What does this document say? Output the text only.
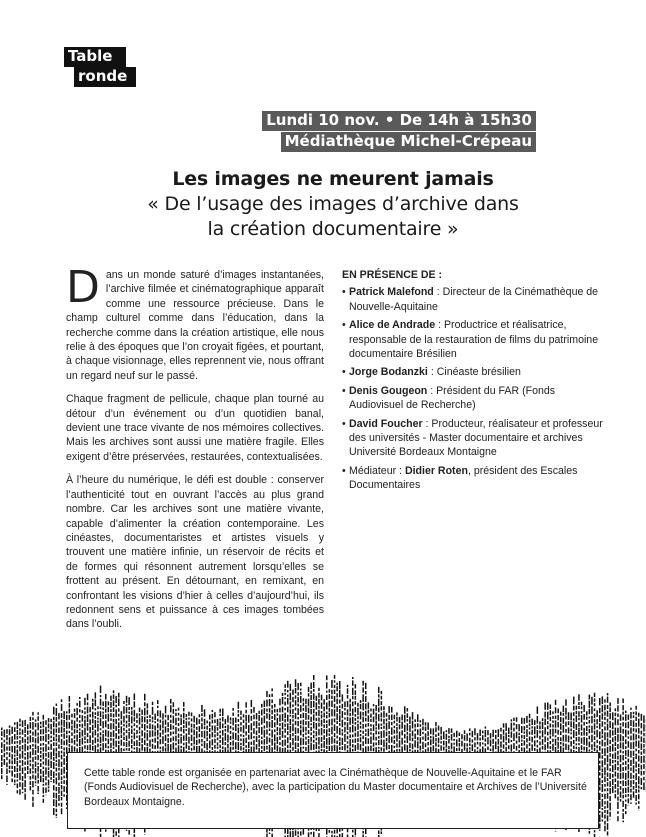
Table
ronde
Lundi 10 nov. • De 14h à 15h30
Médiathèque Michel-Crépeau
Les images ne meurent jamais
« De l’usage des images d’archive dans
la création documentaire »

Dans un monde saturé d’images instantanées, l’archive filmée et cinématographique apparaît comme une ressource précieuse. Dans le champ culturel comme dans l’éducation, dans la recherche comme dans la création artistique, elle nous relie à des époques que l’on croyait figées, et pourtant, à chaque visionnage, elles reprennent vie, nous offrant un regard neuf sur le passé.

Chaque fragment de pellicule, chaque plan tourné au détour d’un événement ou d’un quotidien banal, devient une trace vivante de nos mémoires collectives. Mais les archives sont aussi une matière fragile. Elles exigent d’être préservées, restaurées, contextualisées.

À l’heure du numérique, le défi est double : conserver l’authenticité tout en ouvrant l’accès au plus grand nombre. Car les archives sont une matière vivante, capable d’alimenter la création contemporaine. Les cinéastes, documentaristes et artistes visuels y trouvent une matière infinie, un réservoir de récits et de formes qui résonnent autrement lorsqu’elles se frottent au présent. En détournant, en remixant, en confrontant les visions d’hier à celles d’aujourd’hui, ils redonnent sens et puissance à ces images tombées dans l’oubli.

EN PRÉSENCE DE :
• Patrick Malefond : Directeur de la Cinémathèque de Nouvelle-Aquitaine
• Alice de Andrade : Productrice et réalisatrice, responsable de la restauration de films du patrimoine documentaire Brésilien
• Jorge Bodanzki : Cinéaste brésilien
• Denis Gougeon : Président du FAR (Fonds Audiovisuel de Recherche)
• David Foucher : Producteur, réalisateur et professeur des universités - Master documentaire et archives Université Bordeaux Montaigne
• Médiateur : Didier Roten, président des Escales Documentaires
Cette table ronde est organisée en partenariat avec la Cinémathèque de Nouvelle-Aquitaine et le FAR (Fonds Audiovisuel de Recherche), avec la participation du Master documentaire et Archives de l’Université Bordeaux Montaigne.
